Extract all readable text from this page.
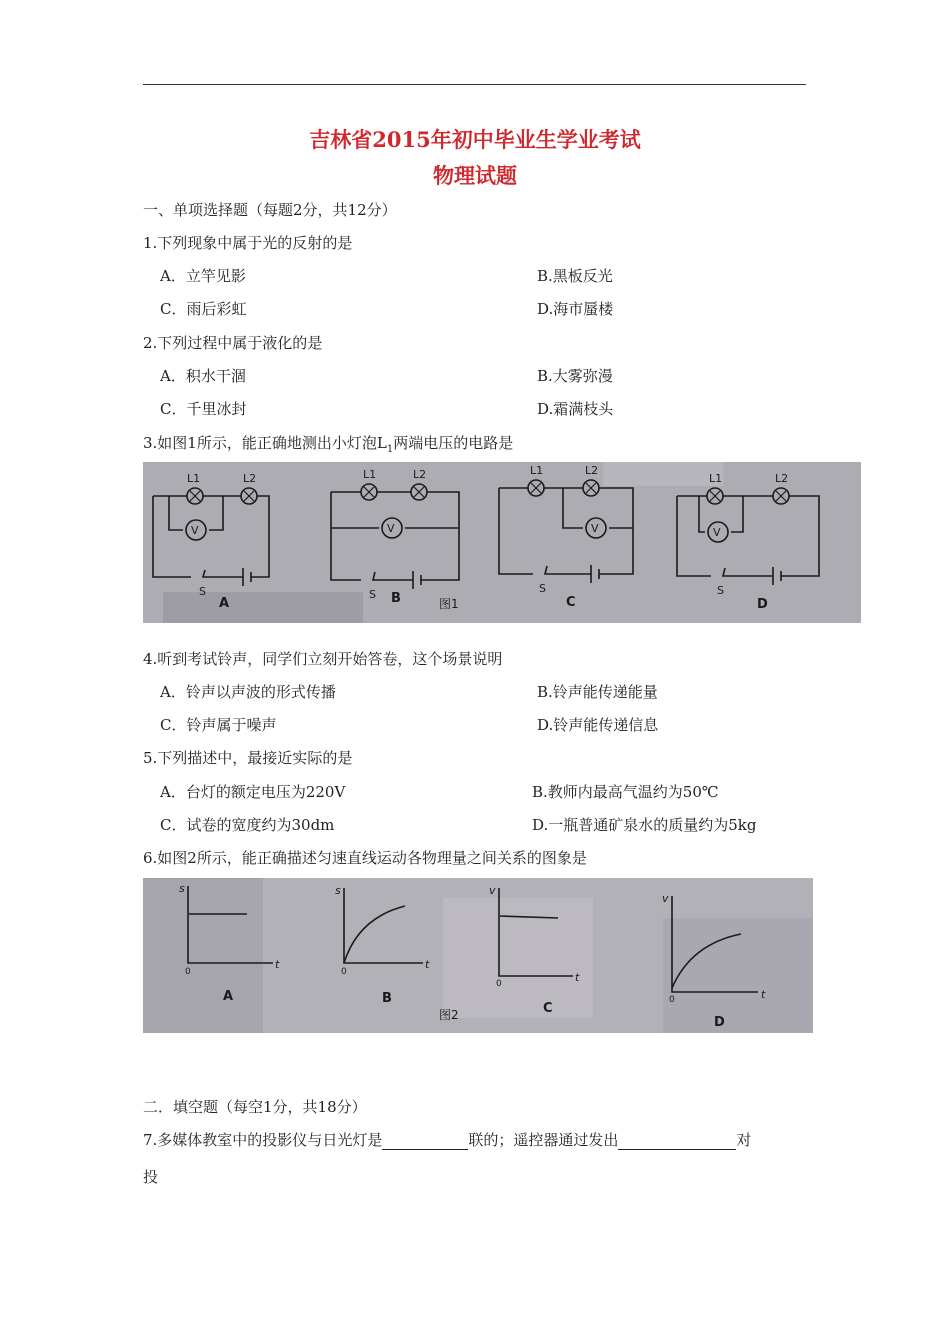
吉林省2015年初中毕业生学业考试
物理试题
一、单项选择题（每题2分，共12分）
1.下列现象中属于光的反射的是
A．立竿见影	B.黑板反光
C．雨后彩虹	D.海市蜃楼
2.下列过程中属于液化的是
A．积水干涸	B.大雾弥漫
C．千里冰封	D.霜满枝头
3.如图1所示，能正确地测出小灯泡$L_1$两端电压的电路是
L1	L2
V
S
L1	L2
V
S
L1	L2
V
S
L1	L2
V
S
A	B	C	D
图1
4.听到考试铃声，同学们立刻开始答卷，这个场景说明
A．铃声以声波的形式传播	B.铃声能传递能量
C．铃声属于噪声	D.铃声能传递信息
5.下列描述中，最接近实际的是
A．台灯的额定电压为220V	B.教师内最高气温约为50℃
C．试卷的宽度约为30dm	D.一瓶普通矿泉水的质量约为5kg
6.如图2所示，能正确描述匀速直线运动各物理量之间关系的图象是
s
t
s
t
v
t
v
t
0	0
0
0
A	B
C
D
图2
二．填空题（每空1分，共18分）
7.多媒体教室中的投影仪与日光灯是	联的；遥控器通过发出	对
投
